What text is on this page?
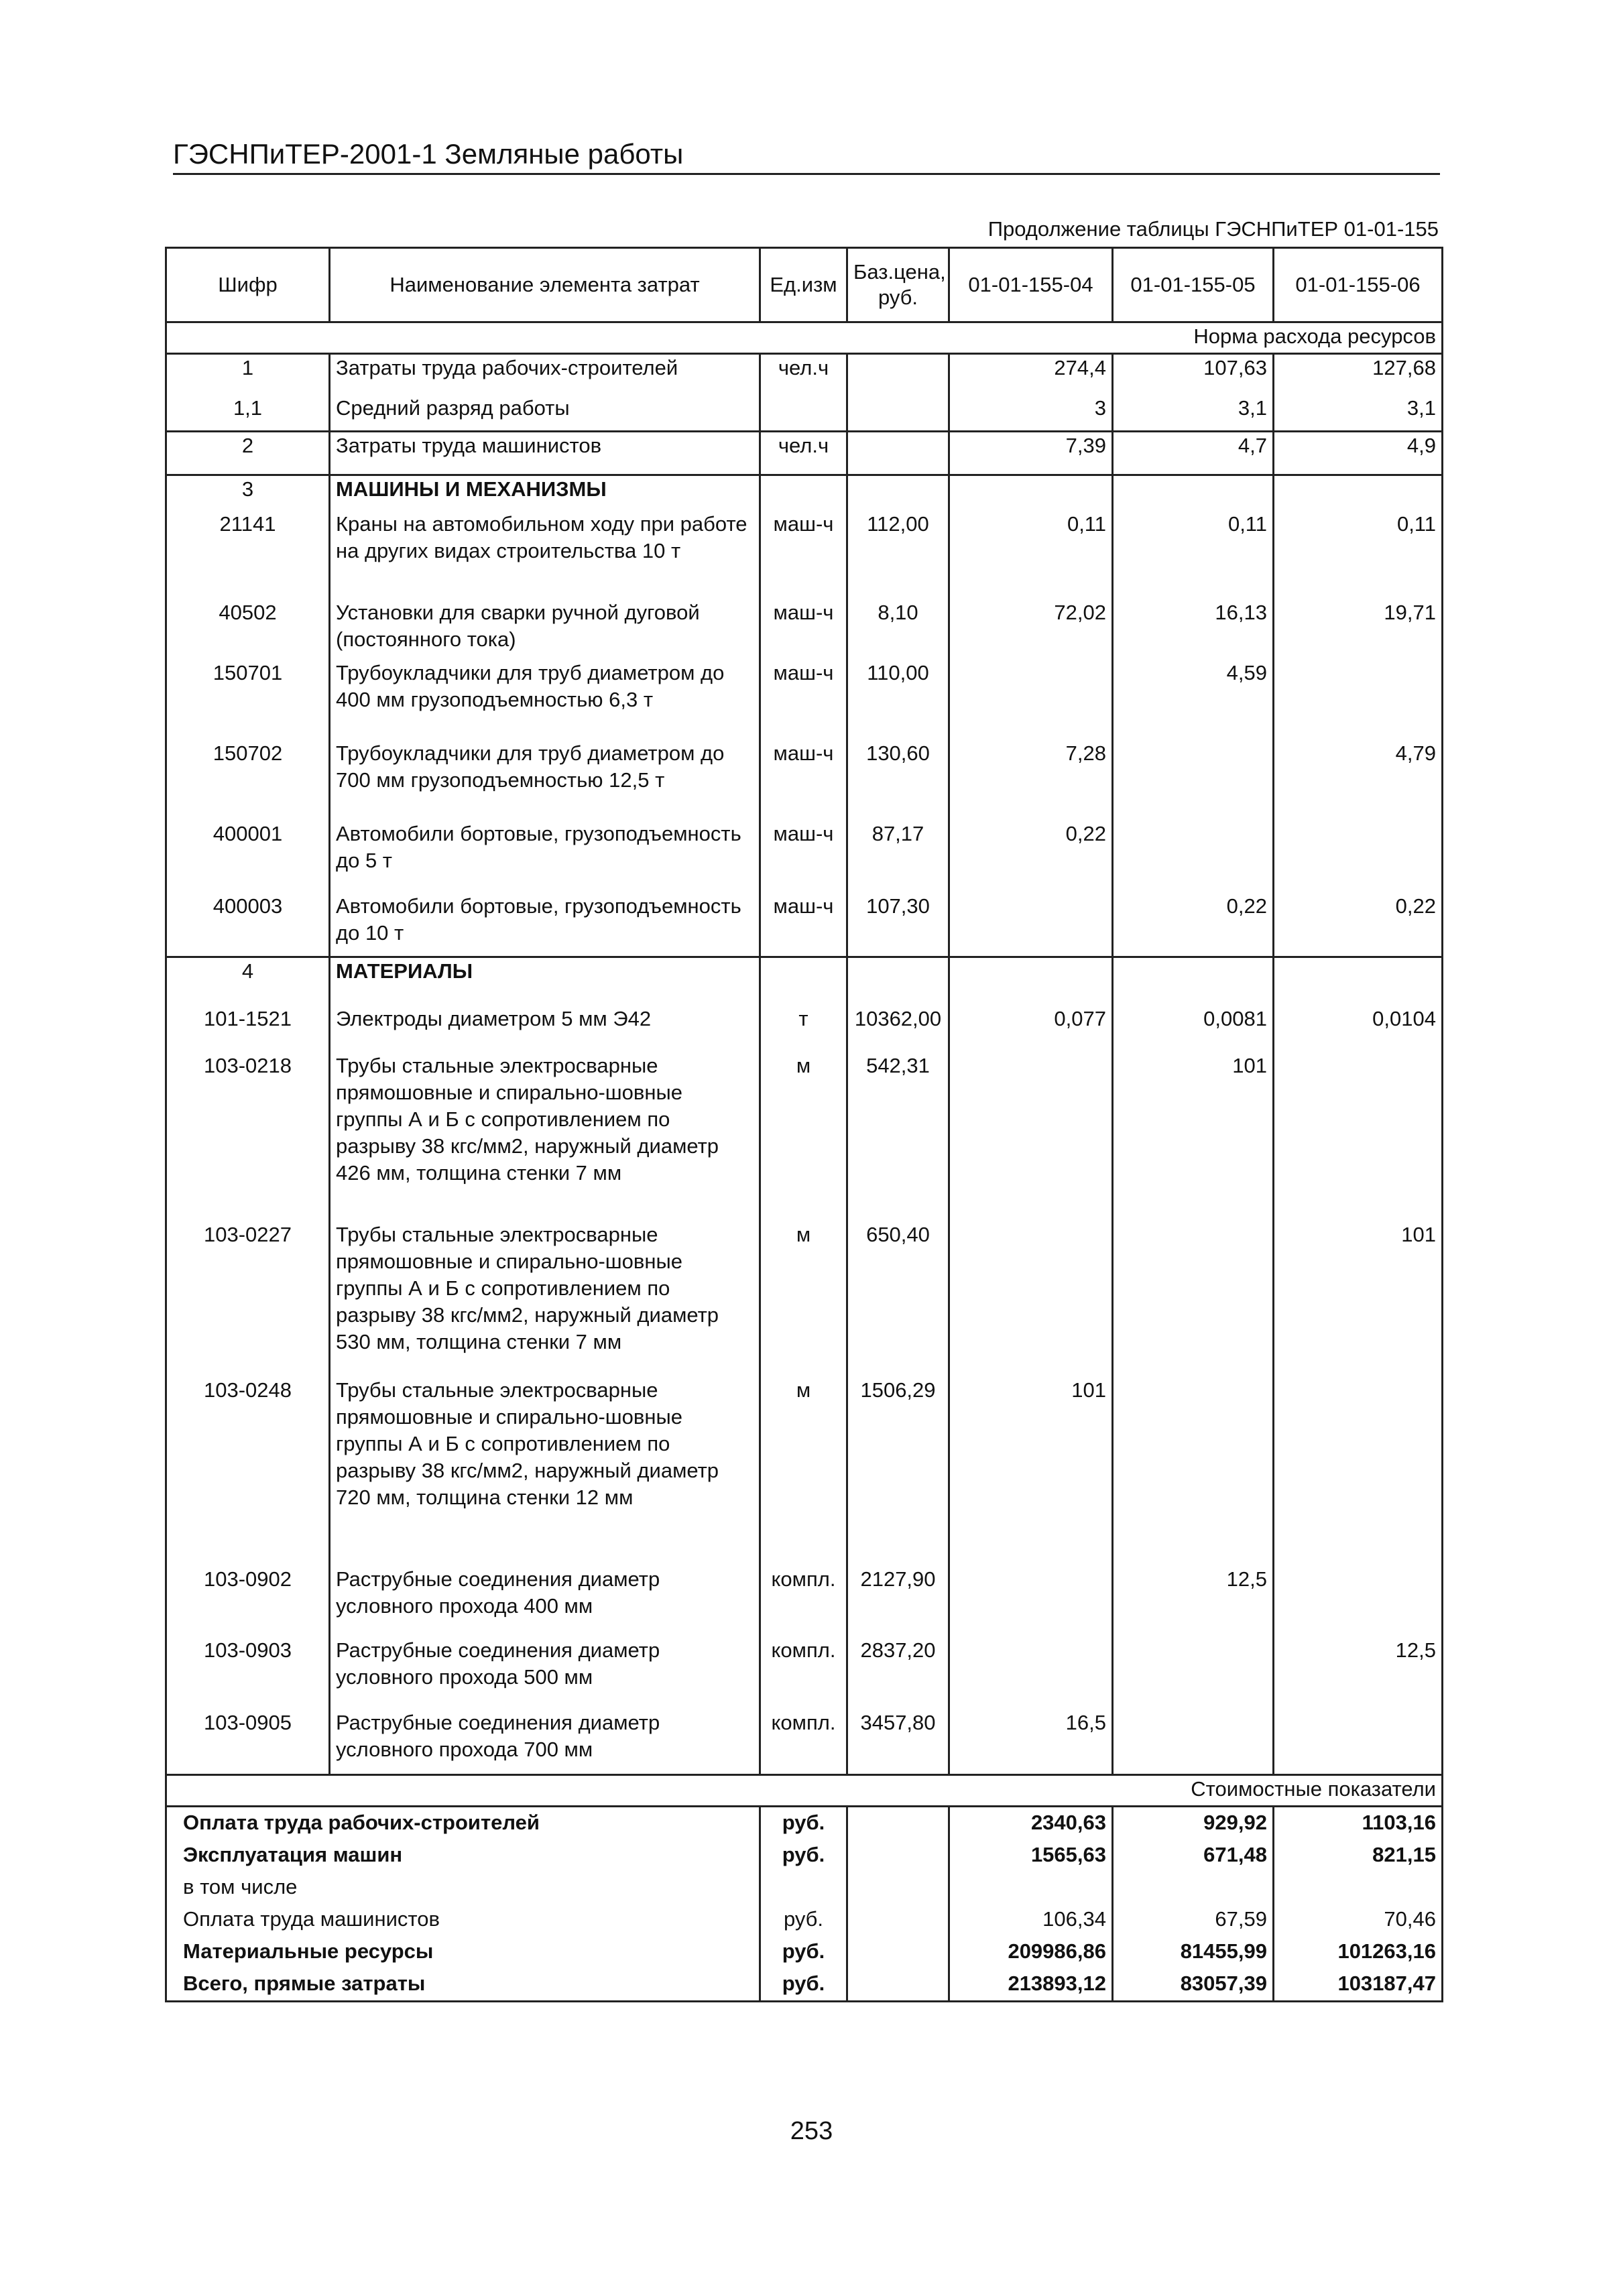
ГЭСНПиТЕР-2001-1 Земляные работы
Продолжение таблицы ГЭСНПиТЕР 01-01-155
Шифр	Наименование элемента затрат	Ед.изм	Баз.цена, руб.	01-01-155-04	01-01-155-05	01-01-155-06
Норма расхода ресурсов						
1	Затраты труда рабочих-строителей	чел.ч		274,4	107,63	127,68
1,1	Средний разряд работы			3	3,1	3,1
2	Затраты труда машинистов	чел.ч		7,39	4,7	4,9
3	МАШИНЫ И МЕХАНИЗМЫ					
21141	Краны на автомобильном ходу при работе на других видах строительства 10 т	маш-ч	112,00	0,11	0,11	0,11
40502	Установки для сварки ручной дуговой (постоянного тока)	маш-ч	8,10	72,02	16,13	19,71
150701	Трубоукладчики для труб диаметром до 400 мм грузоподъемностью 6,3 т	маш-ч	110,00		4,59	
150702	Трубоукладчики для труб диаметром до 700 мм грузоподъемностью 12,5 т	маш-ч	130,60	7,28		4,79
400001	Автомобили бортовые, грузоподъемность до 5 т	маш-ч	87,17	0,22		
400003	Автомобили бортовые, грузоподъемность до 10 т	маш-ч	107,30		0,22	0,22
4	МАТЕРИАЛЫ					
101-1521	Электроды диаметром 5 мм Э42	т	10362,00	0,077	0,0081	0,0104
103-0218	Трубы стальные электросварные прямошовные и спирально-шовные группы А и Б с сопротивлением по разрыву 38 кгс/мм2, наружный диаметр 426 мм, толщина стенки 7 мм	м	542,31		101	
103-0227	Трубы стальные электросварные прямошовные и спирально-шовные группы А и Б с сопротивлением по разрыву 38 кгс/мм2, наружный диаметр 530 мм, толщина стенки 7 мм	м	650,40			101
103-0248	Трубы стальные электросварные прямошовные и спирально-шовные группы А и Б с сопротивлением по разрыву 38 кгс/мм2, наружный диаметр 720 мм, толщина стенки 12 мм	м	1506,29	101		
103-0902	Раструбные соединения диаметр условного прохода 400 мм	компл.	2127,90		12,5	
103-0903	Раструбные соединения диаметр условного прохода 500 мм	компл.	2837,20			12,5
103-0905	Раструбные соединения диаметр условного прохода 700 мм	компл.	3457,80	16,5		
Стоимостные показатели						
Оплата труда рабочих-строителей		руб.		2340,63	929,92	1103,16
Эксплуатация машин		руб.		1565,63	671,48	821,15
в том числе						
Оплата труда машинистов		руб.		106,34	67,59	70,46
Материальные ресурсы		руб.		209986,86	81455,99	101263,16
Всего, прямые затраты		руб.		213893,12	83057,39	103187,47
253
